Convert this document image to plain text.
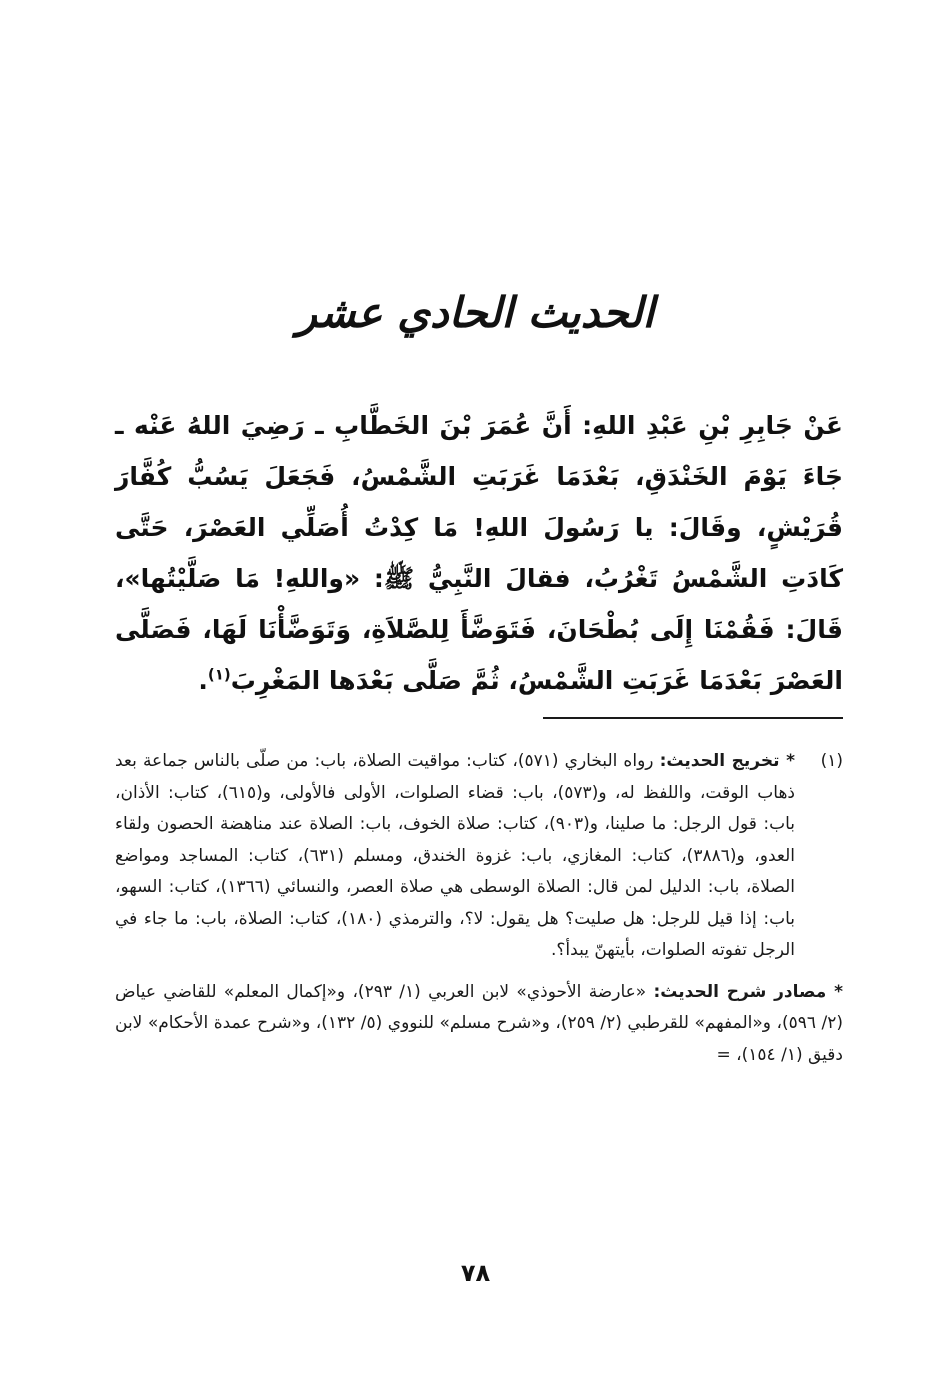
الحديث الحادي عشر
عَنْ جَابِرِ بْنِ عَبْدِ اللهِ: أَنَّ عُمَرَ بْنَ الخَطَّابِ ـ رَضِيَ اللهُ عَنْه ـ جَاءَ يَوْمَ الخَنْدَقِ، بَعْدَمَا غَرَبَتِ الشَّمْسُ، فَجَعَلَ يَسُبُّ كُفَّارَ قُرَيْشٍ، وقَالَ: يا رَسُولَ اللهِ! مَا كِدْتُ أُصَلِّي العَصْرَ، حَتَّى كَادَتِ الشَّمْسُ تَغْرُبُ، فقالَ النَّبِيُّ ﷺ: «واللهِ! مَا صَلَّيْتُها»، قَالَ: فَقُمْنَا إِلَى بُطْحَانَ، فَتَوَضَّأَ لِلصَّلاَةِ، وَتَوَضَّأْنَا لَهَا، فَصَلَّى العَصْرَ بَعْدَمَا غَرَبَتِ الشَّمْسُ، ثُمَّ صَلَّى بَعْدَها المَغْرِبَ$^{(١)}$.

(١)
* تخريج الحديث: رواه البخاري (٥٧١)، كتاب: مواقيت الصلاة، باب: من صلّى بالناس جماعة بعد ذهاب الوقت، واللفظ له، و(٥٧٣)، باب: قضاء الصلوات، الأولى فالأولى، و(٦١٥)، كتاب: الأذان، باب: قول الرجل: ما صلينا، و(٩٠٣)، كتاب: صلاة الخوف، باب: الصلاة عند مناهضة الحصون ولقاء العدو، و(٣٨٨٦)، كتاب: المغازي، باب: غزوة الخندق، ومسلم (٦٣١)، كتاب: المساجد ومواضع الصلاة، باب: الدليل لمن قال: الصلاة الوسطى هي صلاة العصر، والنسائي (١٣٦٦)، كتاب: السهو، باب: إذا قيل للرجل: هل صليت؟ هل يقول: لا؟، والترمذي (١٨٠)، كتاب: الصلاة، باب: ما جاء في الرجل تفوته الصلوات، بأيتهنّ يبدأ؟.

* مصادر شرح الحديث: «عارضة الأحوذي» لابن العربي (١/ ٢٩٣)، و«إكمال المعلم» للقاضي عياض (٢/ ٥٩٦)، و«المفهم» للقرطبي (٢/ ٢٥٩)، و«شرح مسلم» للنووي (٥/ ١٣٢)، و«شرح عمدة الأحكام» لابن دقيق (١/ ١٥٤)، =

٧٨
